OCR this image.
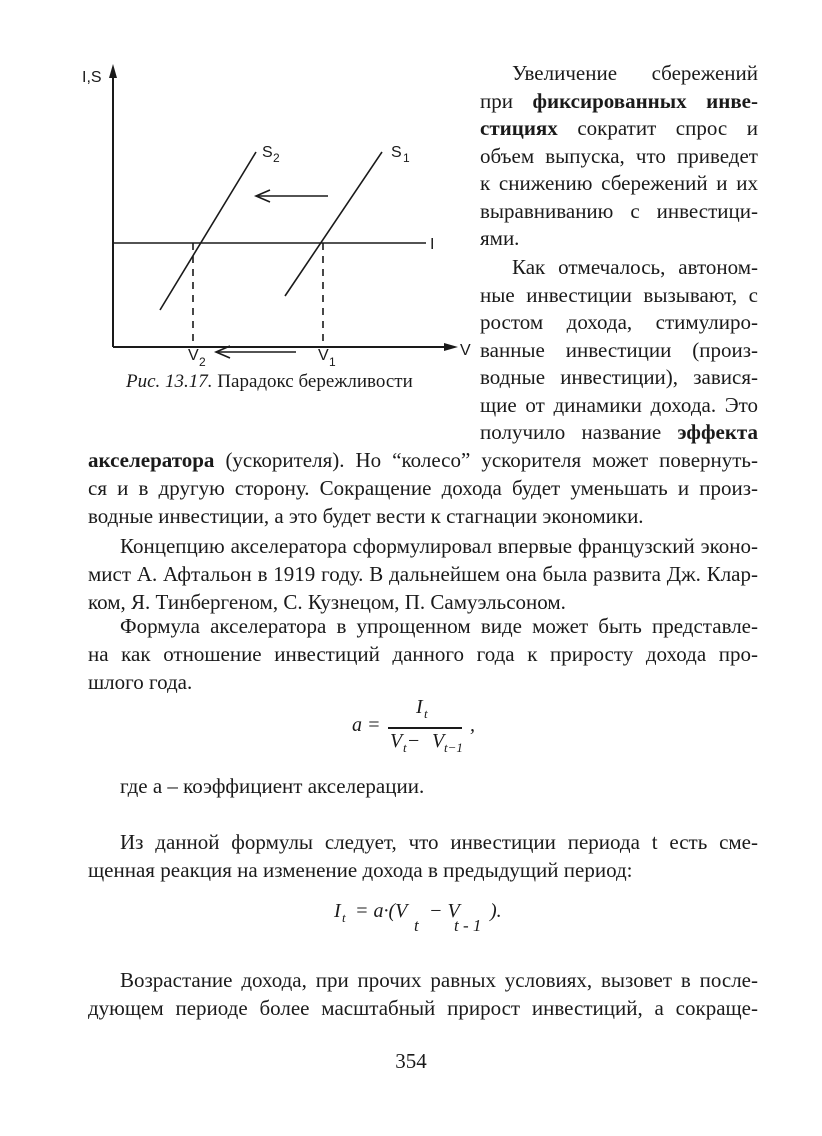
I,S
V
I
S 2	S 1
V 2	V 1
Рис. 13.17. Парадокс бережливости
Увеличение сбережений
при фиксированных инве-
стициях сократит спрос и
объем выпуска, что приведет
к снижению сбережений и их
выравниванию с инвестици-
ями.
Как отмечалось, автоном-
ные инвестиции вызывают, с
ростом дохода, стимулиро-
ванные инвестиции (произ-
водные инвестиции), завися-
щие от динамики дохода. Это
получило название эффекта
акселератора (ускорителя). Но “колесо” ускорителя может повернуть-
ся и в другую сторону. Сокращение дохода будет уменьшать и произ-
водные инвестиции, а это будет вести к стагнации экономики.
Концепцию акселератора сформулировал впервые французский эконо-
мист А. Афтальон в 1919 году. В дальнейшем она была развита Дж. Клар-
ком, Я. Тинбергеном, С. Кузнецом, П. Самуэльсоном.
Формула акселератора в упрощенном виде может быть представле-
на как отношение инвестиций данного года к приросту дохода про-
шлого года.
a =
I t
V t − V t−1
,
где а – коэффициент акселерации.
Из данной формулы следует, что инвестиции периода t есть сме-
щенная реакция на изменение дохода в предыдущий период:
I t = a·(V
t
− V
t - 1
).
Возрастание дохода, при прочих равных условиях, вызовет в после-
дующем периоде более масштабный прирост инвестиций, а сокраще-
354
